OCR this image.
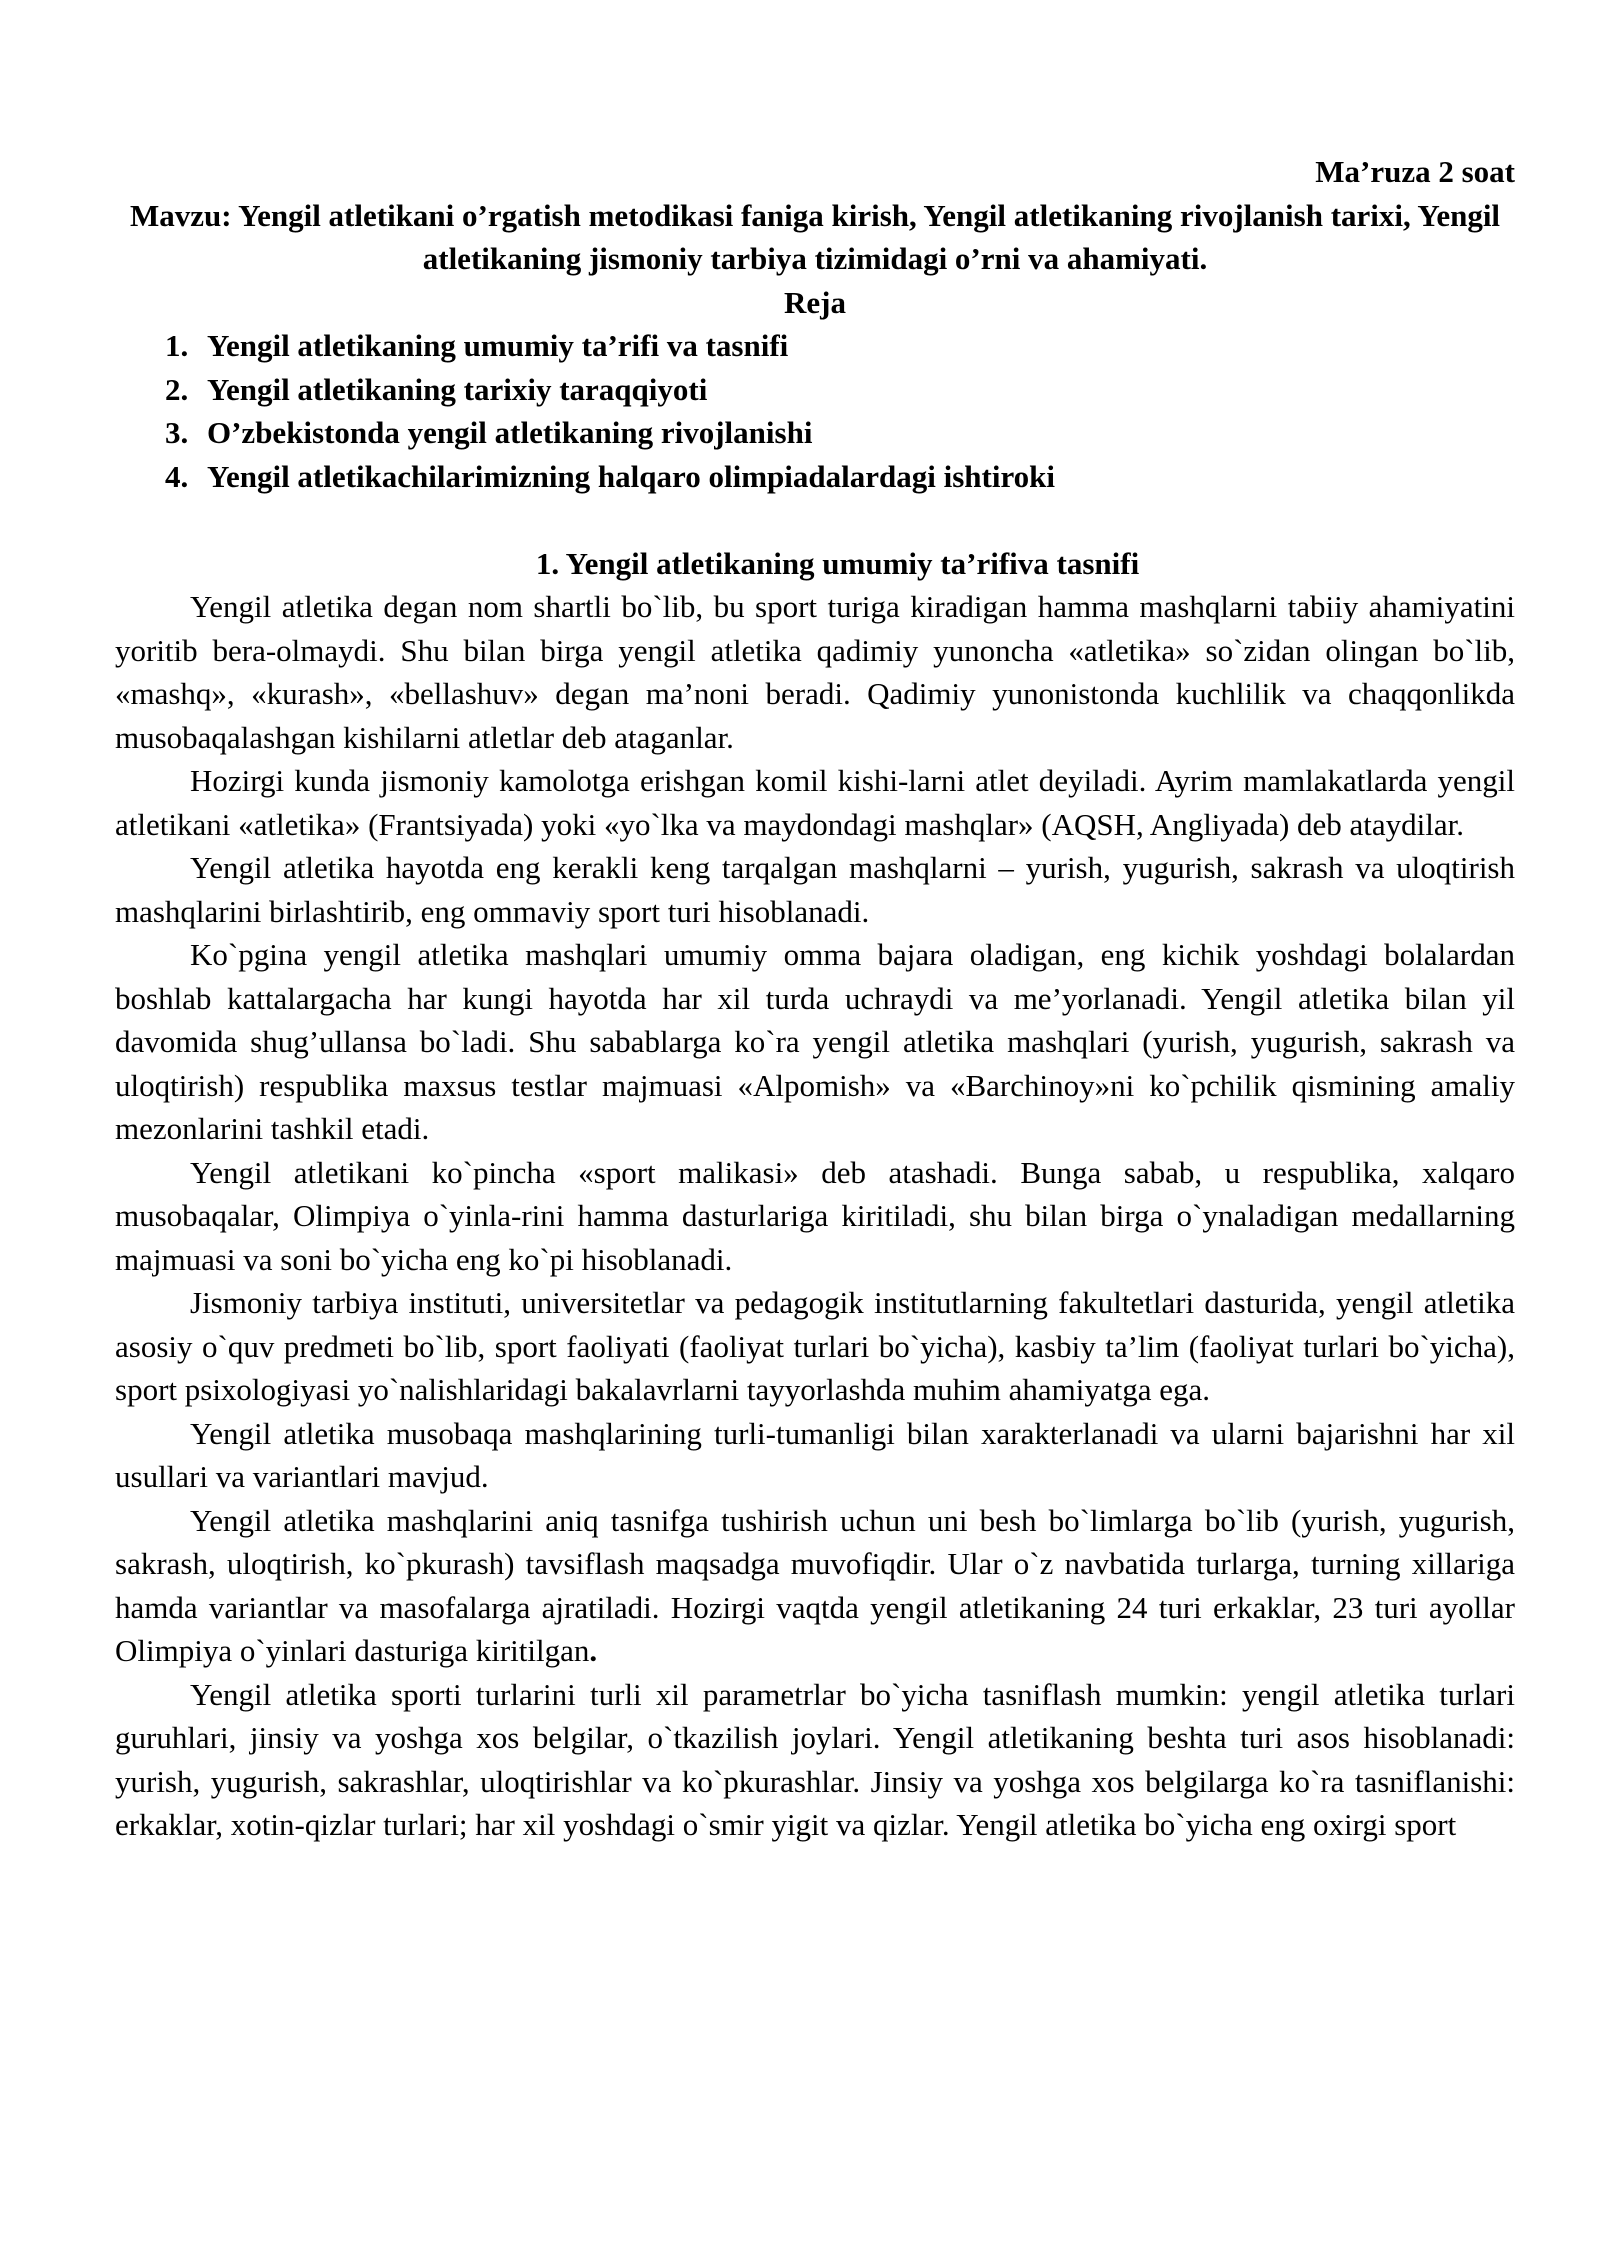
Ma’ruza 2 soat
Mavzu: Yengil atletikani o’rgatish metodikasi faniga kirish, Yengil atletikaning rivojlanish tarixi, Yengil atletikaning jismoniy tarbiya tizimidagi o’rni va ahamiyati.
Reja
1. Yengil atletikaning umumiy ta’rifi va tasnifi
2. Yengil atletikaning tarixiy taraqqiyoti
3. O’zbekistonda yengil atletikaning rivojlanishi
4. Yengil atletikachilarimizning halqaro olimpiadalardagi ishtiroki
1. Yengil atletikaning umumiy ta’rifiva tasnifi

Yengil atletika degan nom shartli bo`lib, bu sport turiga kiradigan hamma mashqlarni tabiiy ahamiyatini yoritib bera-olmaydi. Shu bilan birga yengil atletika qadimiy yunoncha «atletika» so`zidan olingan bo`lib, «mashq», «kurash», «bellashuv» degan ma’noni beradi. Qadimiy yunonistonda kuchlilik va chaqqonlikda musobaqalashgan kishilarni atletlar deb ataganlar.

Hozirgi kunda jismoniy kamolotga erishgan komil kishi-larni atlet deyiladi. Ayrim mamlakatlarda yengil atletikani «atletika» (Frantsiyada) yoki «yo`lka va maydondagi mashqlar» (AQSH, Angliyada) deb ataydilar.

Yengil atletika hayotda eng kerakli keng tarqalgan mashqlarni – yurish, yugurish, sakrash va uloqtirish mashqlarini birlashtirib, eng ommaviy sport turi hisoblanadi.

Ko`pgina yengil atletika mashqlari umumiy omma bajara oladigan, eng kichik yoshdagi bolalardan boshlab kattalargacha har kungi hayotda har xil turda uchraydi va me’yorlanadi. Yengil atletika bilan yil davomida shug’ullansa bo`ladi. Shu sabablarga ko`ra yengil atletika mashqlari (yurish, yugurish, sakrash va uloqtirish) respublika maxsus testlar majmuasi «Alpomish» va «Barchinoy»ni ko`pchilik qismining amaliy mezonlarini tashkil etadi.

Yengil atletikani ko`pincha «sport malikasi» deb atashadi. Bunga sabab, u respublika, xalqaro musobaqalar, Olimpiya o`yinla-rini hamma dasturlariga kiritiladi, shu bilan birga o`ynaladigan medallarning majmuasi va soni bo`yicha eng ko`pi hisoblanadi.

Jismoniy tarbiya instituti, universitetlar va pedagogik institutlarning fakultetlari dasturida, yengil atletika asosiy o`quv predmeti bo`lib, sport faoliyati (faoliyat turlari bo`yicha), kasbiy ta’lim (faoliyat turlari bo`yicha), sport psixologiyasi yo`nalishlaridagi bakalavrlarni tayyorlashda muhim ahamiyatga ega.

Yengil atletika musobaqa mashqlarining turli-tumanligi bilan xarakterlanadi va ularni bajarishni har xil usullari va variantlari mavjud.

Yengil atletika mashqlarini aniq tasnifga tushirish uchun uni besh bo`limlarga bo`lib (yurish, yugurish, sakrash, uloqtirish, ko`pkurash) tavsiflash maqsadga muvofiqdir. Ular o`z navbatida turlarga, turning xillariga hamda variantlar va masofalarga ajratiladi. Hozirgi vaqtda yengil atletikaning 24 turi erkaklar, 23 turi ayollar Olimpiya o`yinlari dasturiga kiritilgan.

Yengil atletika sporti turlarini turli xil parametrlar bo`yicha tasniflash mumkin: yengil atletika turlari guruhlari, jinsiy va yoshga xos belgilar, o`tkazilish joylari. Yengil atletikaning beshta turi asos hisoblanadi: yurish, yugurish, sakrashlar, uloqtirishlar va ko`pkurashlar. Jinsiy va yoshga xos belgilarga ko`ra tasniflanishi: erkaklar, xotin-qizlar turlari; har xil yoshdagi o`smir yigit va qizlar. Yengil atletika bo`yicha eng oxirgi sport
